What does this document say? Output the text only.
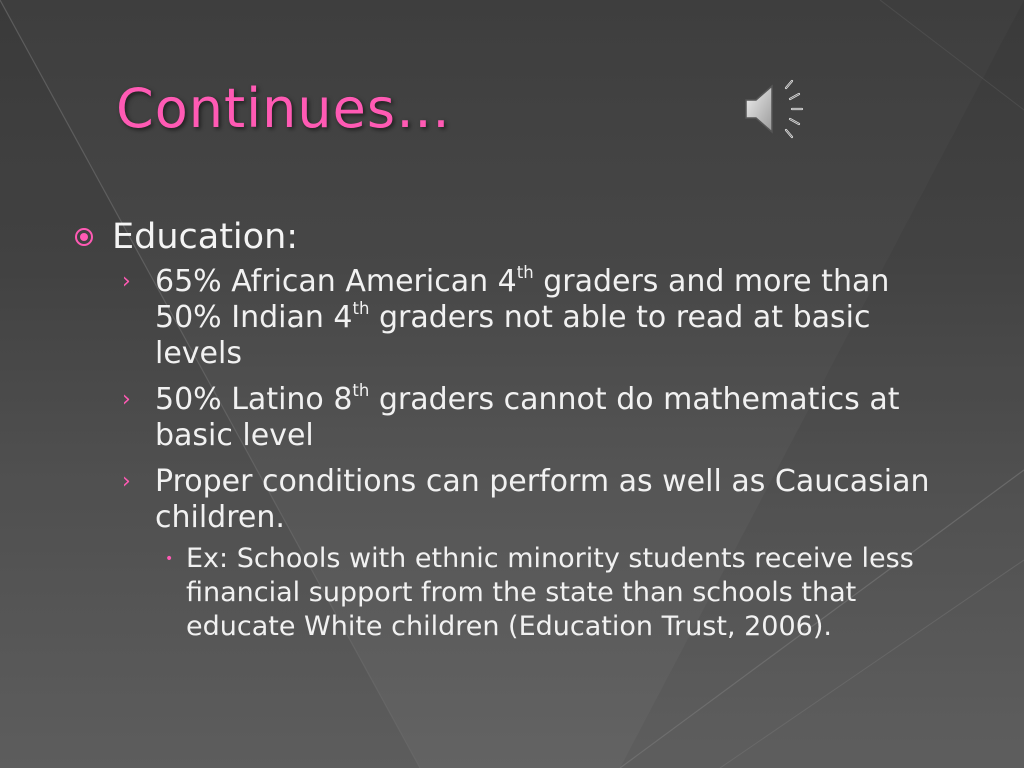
Continues…
Education:
› 65% African American 4th graders and more than 50% Indian 4th graders not able to read at basic levels
› 50% Latino 8th graders cannot do mathematics at basic level
› Proper conditions can perform as well as Caucasian children.
• Ex: Schools with ethnic minority students receive less financial support from the state than schools that educate White children (Education Trust, 2006).
